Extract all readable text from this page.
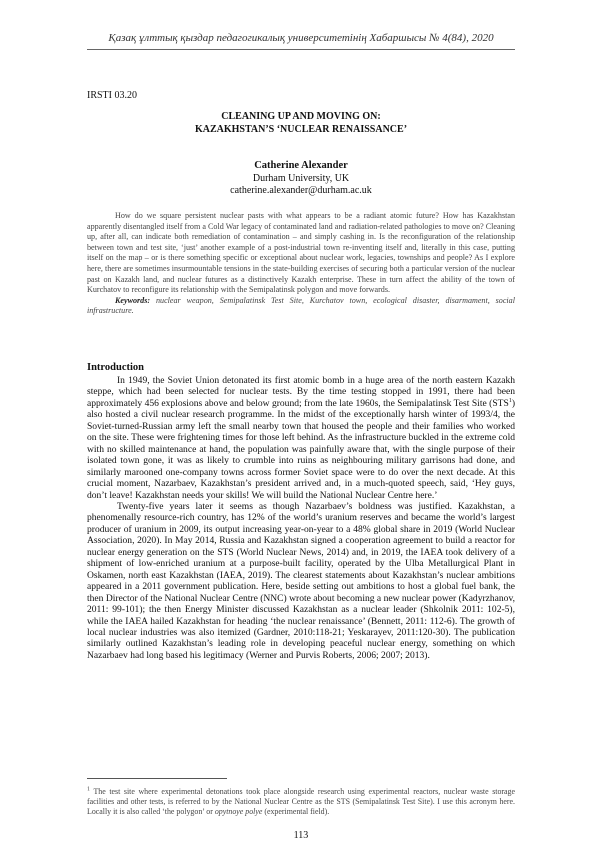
Қазақ ұлттық қыздар педагогикалық университетінің Хабаршысы № 4(84), 2020
IRSTI 03.20
CLEANING UP AND MOVING ON:
KAZAKHSTAN’S ‘NUCLEAR RENAISSANCE’
Catherine Alexander
Durham University, UK
catherine.alexander@durham.ac.uk

How do we square persistent nuclear pasts with what appears to be a radiant atomic future? How has Kazakhstan apparently disentangled itself from a Cold War legacy of contaminated land and radiation-related pathologies to move on? Cleaning up, after all, can indicate both remediation of contamination – and simply cashing in. Is the reconfiguration of the relationship between town and test site, ‘just’ another example of a post-industrial town re-inventing itself and, literally in this case, putting itself on the map – or is there something specific or exceptional about nuclear work, legacies, townships and people? As I explore here, there are sometimes insurmountable tensions in the state-building exercises of securing both a particular version of the nuclear past on Kazakh land, and nuclear futures as a distinctively Kazakh enterprise. These in turn affect the ability of the town of Kurchatov to reconfigure its relationship with the Semipalatinsk polygon and move forwards.

Keywords: nuclear weapon, Semipalatinsk Test Site, Kurchatov town, ecological disaster, disarmament, social infrastructure.

Introduction

In 1949, the Soviet Union detonated its first atomic bomb in a huge area of the north eastern Kazakh steppe, which had been selected for nuclear tests. By the time testing stopped in 1991, there had been approximately 456 explosions above and below ground; from the late 1960s, the Semipalatinsk Test Site (STS$^1$) also hosted a civil nuclear research programme. In the midst of the exceptionally harsh winter of 1993/4, the Soviet-turned-Russian army left the small nearby town that housed the people and their families who worked on the site. These were frightening times for those left behind. As the infrastructure buckled in the extreme cold with no skilled maintenance at hand, the population was painfully aware that, with the single purpose of their isolated town gone, it was as likely to crumble into ruins as neighbouring military garrisons had done, and similarly marooned one-company towns across former Soviet space were to do over the next decade. At this crucial moment, Nazarbaev, Kazakhstan’s president arrived and, in a much-quoted speech, said, ‘Hey guys, don’t leave! Kazakhstan needs your skills! We will build the National Nuclear Centre here.’

Twenty-five years later it seems as though Nazarbaev’s boldness was justified. Kazakhstan, a phenomenally resource-rich country, has 12% of the world’s uranium reserves and became the world’s largest producer of uranium in 2009, its output increasing year-on-year to a 48% global share in 2019 (World Nuclear Association, 2020). In May 2014, Russia and Kazakhstan signed a cooperation agreement to build a reactor for nuclear energy generation on the STS (World Nuclear News, 2014) and, in 2019, the IAEA took delivery of a shipment of low-enriched uranium at a purpose-built facility, operated by the Ulba Metallurgical Plant in Oskamen, north east Kazakhstan (IAEA, 2019). The clearest statements about Kazakhstan’s nuclear ambitions appeared in a 2011 government publication. Here, beside setting out ambitions to host a global fuel bank, the then Director of the National Nuclear Centre (NNC) wrote about becoming a new nuclear power (Kadyrzhanov, 2011: 99-101); the then Energy Minister discussed Kazakhstan as a nuclear leader (Shkolnik 2011: 102-5), while the IAEA hailed Kazakhstan for heading ‘the nuclear renaissance’ (Bennett, 2011: 112-6). The growth of local nuclear industries was also itemized (Gardner, 2010:118-21; Yeskarayev, 2011:120-30). The publication similarly outlined Kazakhstan’s leading role in developing peaceful nuclear energy, something on which Nazarbaev had long based his legitimacy (Werner and Purvis Roberts, 2006; 2007; 2013).

$^1$ The test site where experimental detonations took place alongside research using experimental reactors, nuclear waste storage facilities and other tests, is referred to by the National Nuclear Centre as the STS (Semipalatinsk Test Site). I use this acronym here. Locally it is also called ‘the polygon’ or opytnoye polye (experimental field).
113
